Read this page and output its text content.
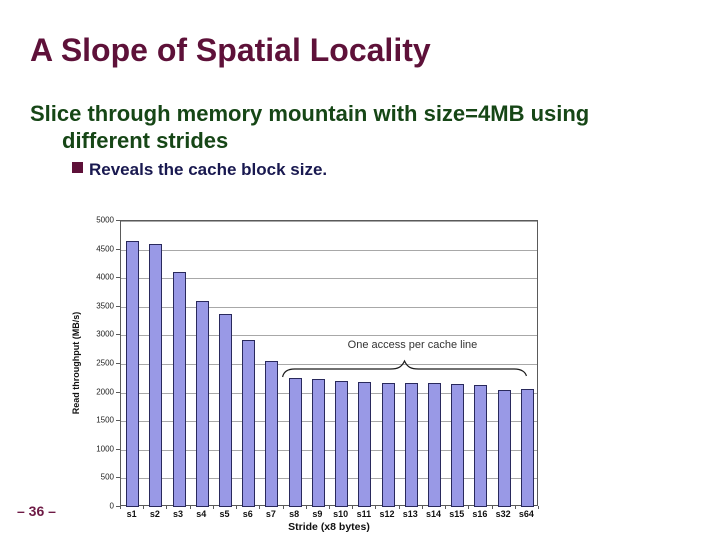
A Slope of Spatial Locality
Slice through memory mountain with size=4MB using
different strides
Reveals the cache block size.
Read throughput (MB/s)
0
500
1000
1500
2000
2500
3000
3500
4000
4500
5000
s1 s2 s3 s4 s5 s6 s7 s8 s9 s10 s11 s12 s13 s14 s15 s16 s32 s64
Stride (x8 bytes)
One access per cache line
– 36 –
